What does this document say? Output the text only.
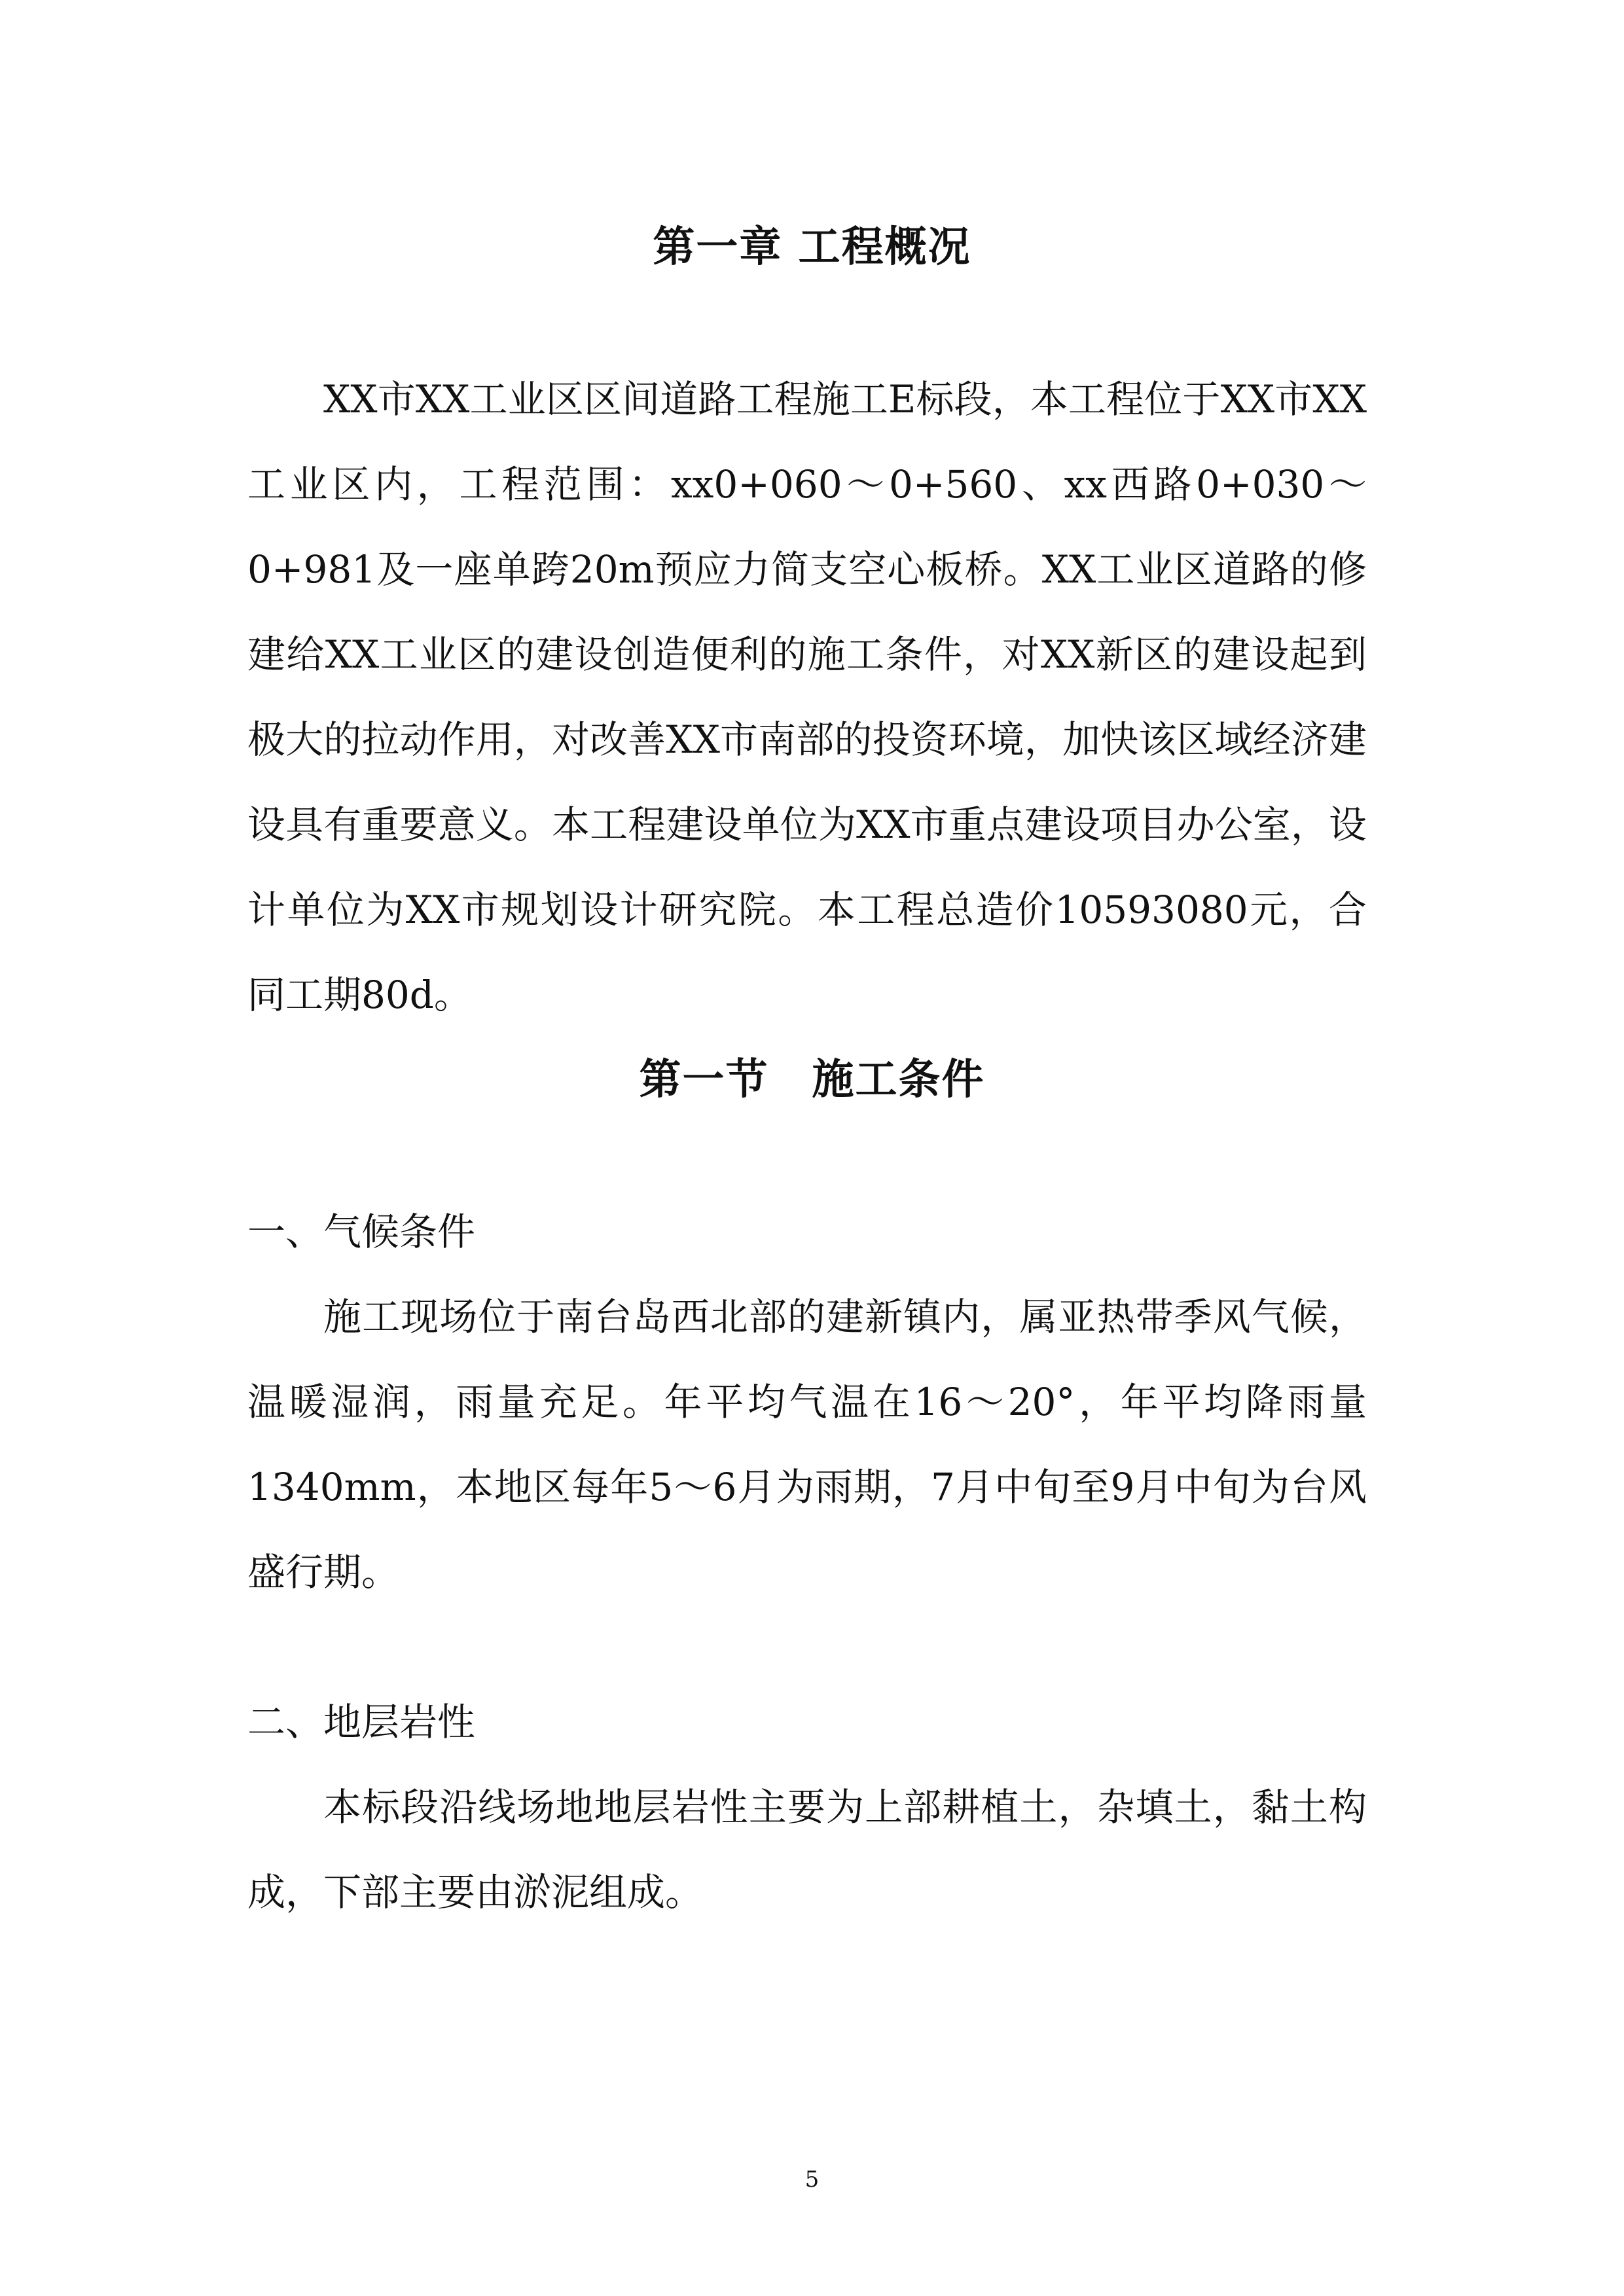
第一章 工程概况
XX市XX工业区区间道路工程施工E标段，本工程位于XX市XX工业区内，工程范围：xx0+060～0+560、xx西路0+030～0+981及一座单跨20m预应力简支空心板桥。XX工业区道路的修建给XX工业区的建设创造便利的施工条件，对XX新区的建设起到极大的拉动作用，对改善XX市南部的投资环境，加快该区域经济建设具有重要意义。本工程建设单位为XX市重点建设项目办公室，设计单位为XX市规划设计研究院。本工程总造价10593080元，合同工期80d。
第一节　施工条件
一、气候条件
施工现场位于南台岛西北部的建新镇内，属亚热带季风气候，温暖湿润，雨量充足。年平均气温在16～20°，年平均降雨量1340mm，本地区每年5～6月为雨期，7月中旬至9月中旬为台风盛行期。
二、地层岩性
本标段沿线场地地层岩性主要为上部耕植土，杂填土，黏土构成，下部主要由淤泥组成。
5
